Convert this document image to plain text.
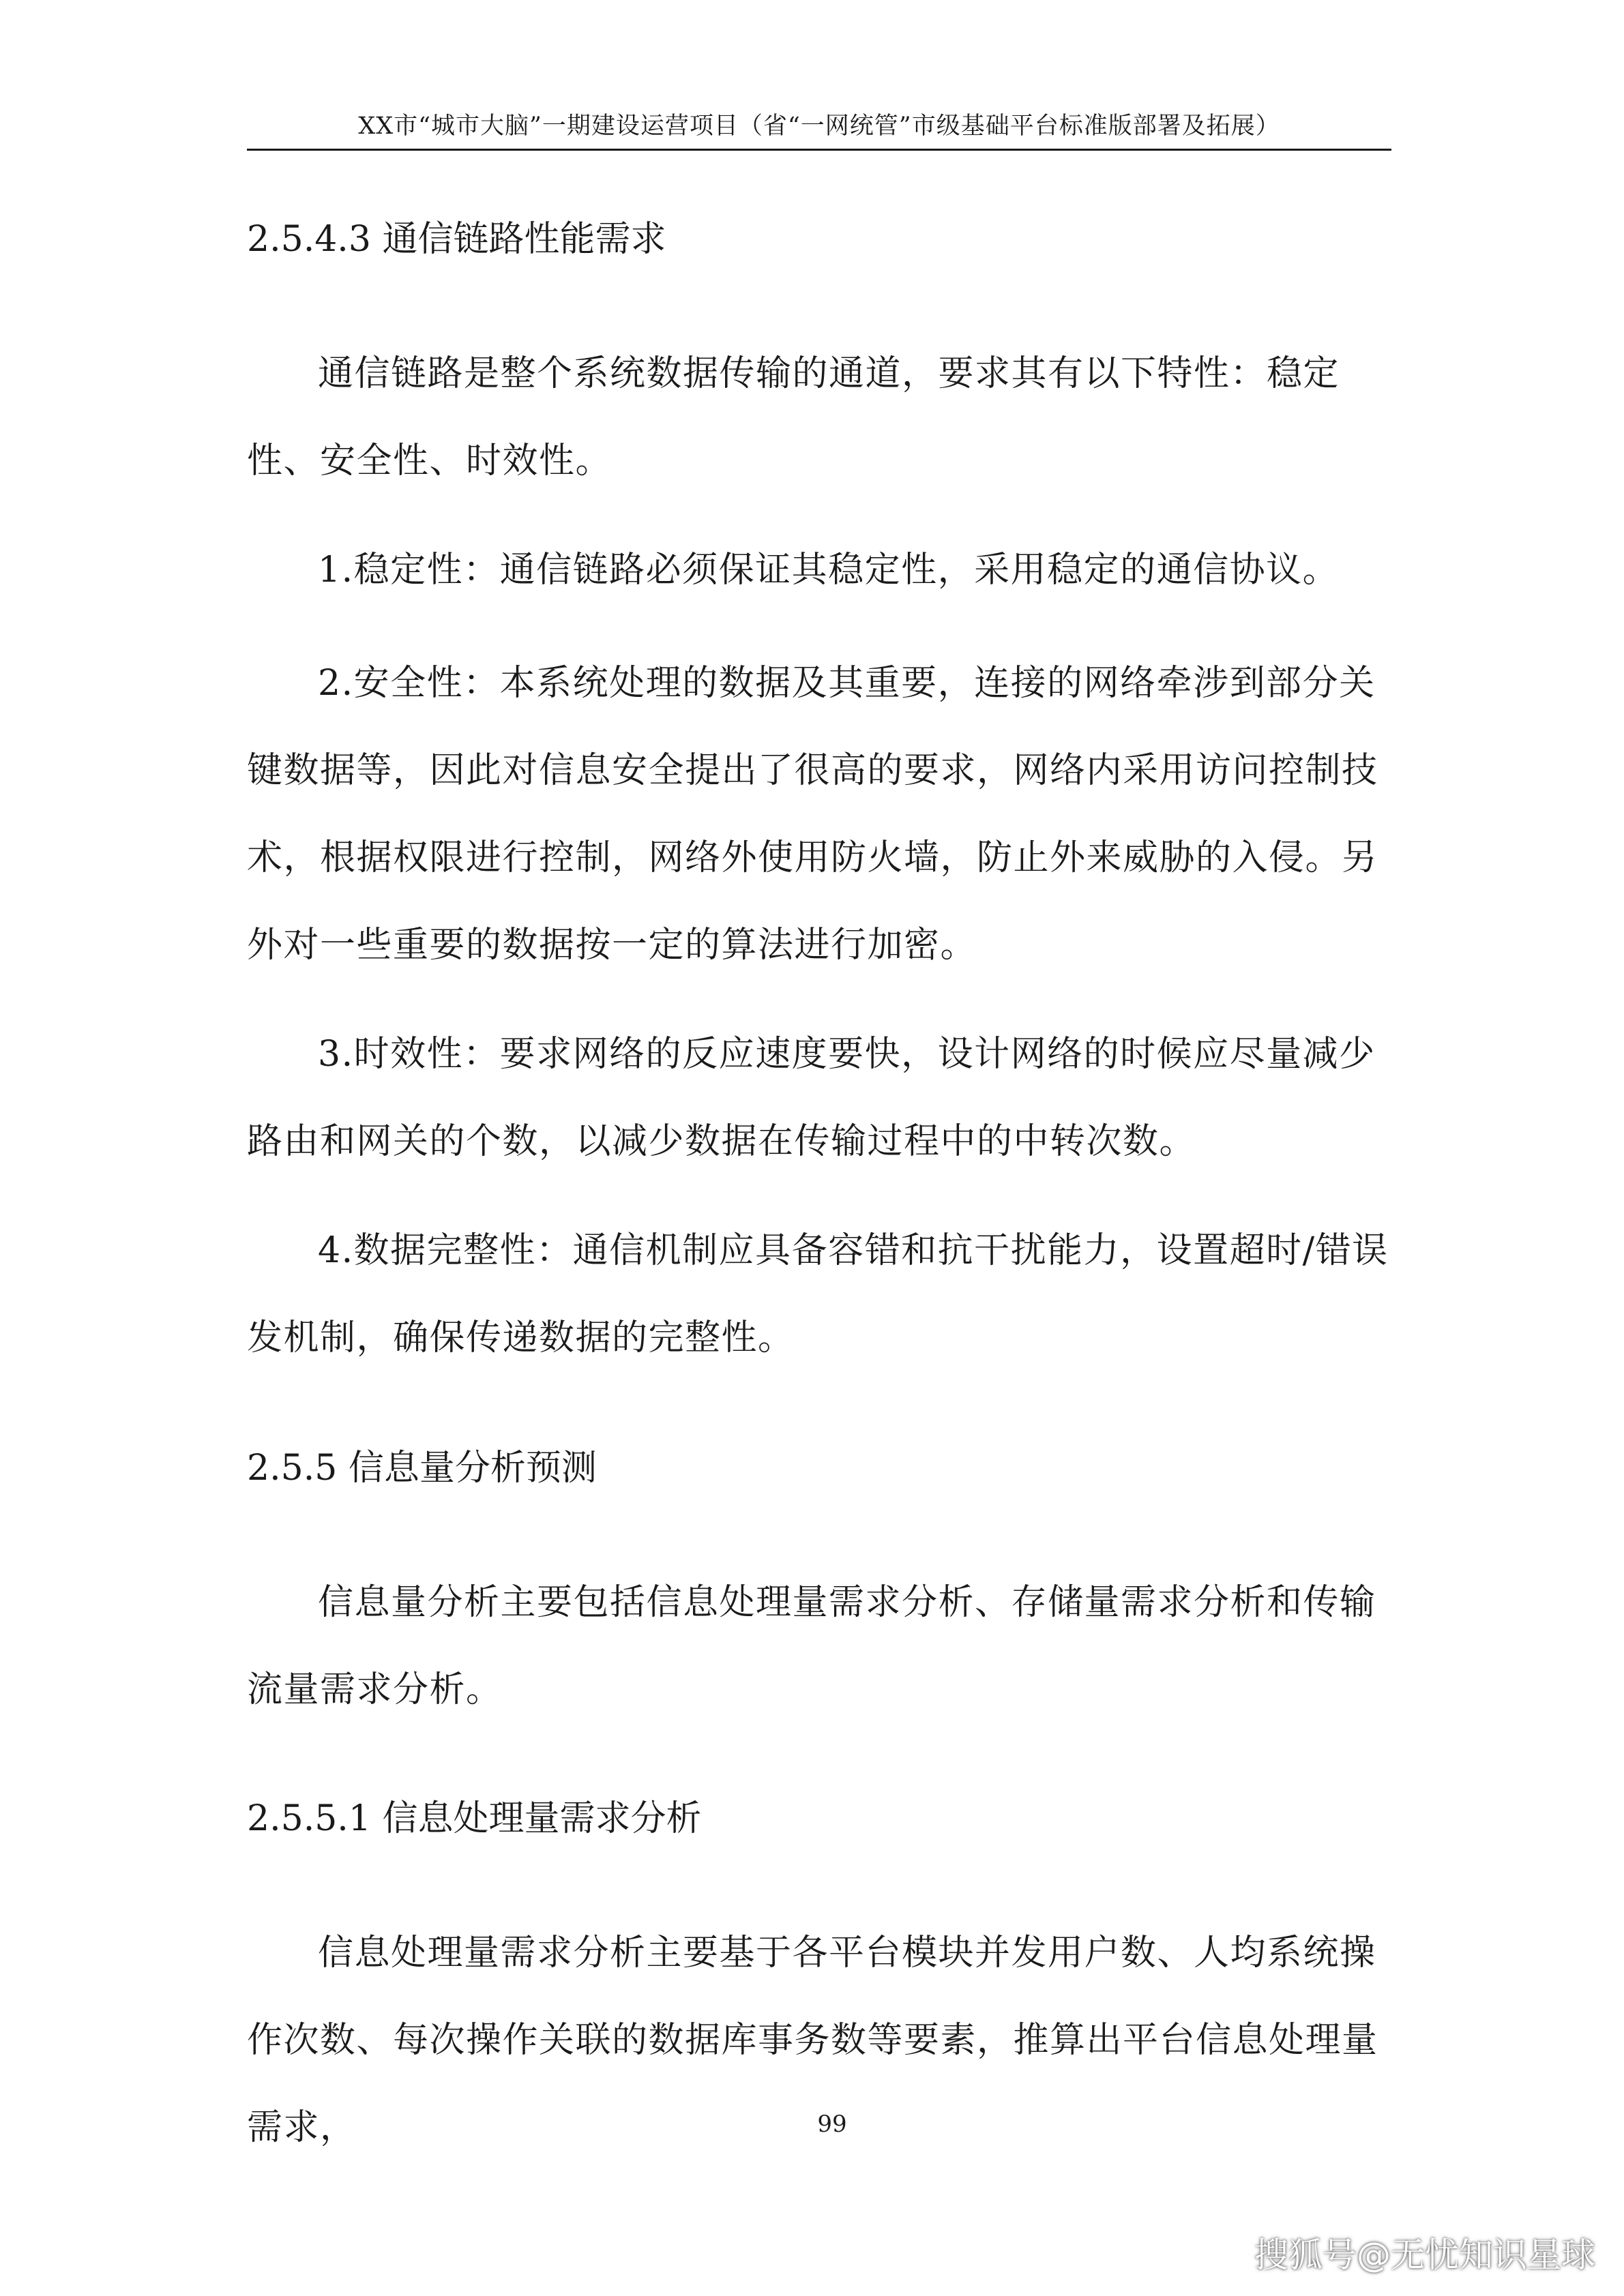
XX市“城市大脑”一期建设运营项目（省“一网统管”市级基础平台标准版部署及拓展）
2.5.4.3 通信链路性能需求

通信链路是整个系统数据传输的通道，要求其有以下特性：稳定性、安全性、时效性。

1.稳定性：通信链路必须保证其稳定性，采用稳定的通信协议。

2.安全性：本系统处理的数据及其重要，连接的网络牵涉到部分关键数据等，因此对信息安全提出了很高的要求，网络内采用访问控制技术，根据权限进行控制，网络外使用防火墙，防止外来威胁的入侵。另外对一些重要的数据按一定的算法进行加密。

3.时效性：要求网络的反应速度要快，设计网络的时候应尽量减少路由和网关的个数，以减少数据在传输过程中的中转次数。

4.数据完整性：通信机制应具备容错和抗干扰能力，设置超时/错误发机制，确保传递数据的完整性。

2.5.5 信息量分析预测

信息量分析主要包括信息处理量需求分析、存储量需求分析和传输流量需求分析。

2.5.5.1 信息处理量需求分析

信息处理量需求分析主要基于各平台模块并发用户数、人均系统操作次数、每次操作关联的数据库事务数等要素，推算出平台信息处理量需求，	99
搜狐号@无忧知识星球
